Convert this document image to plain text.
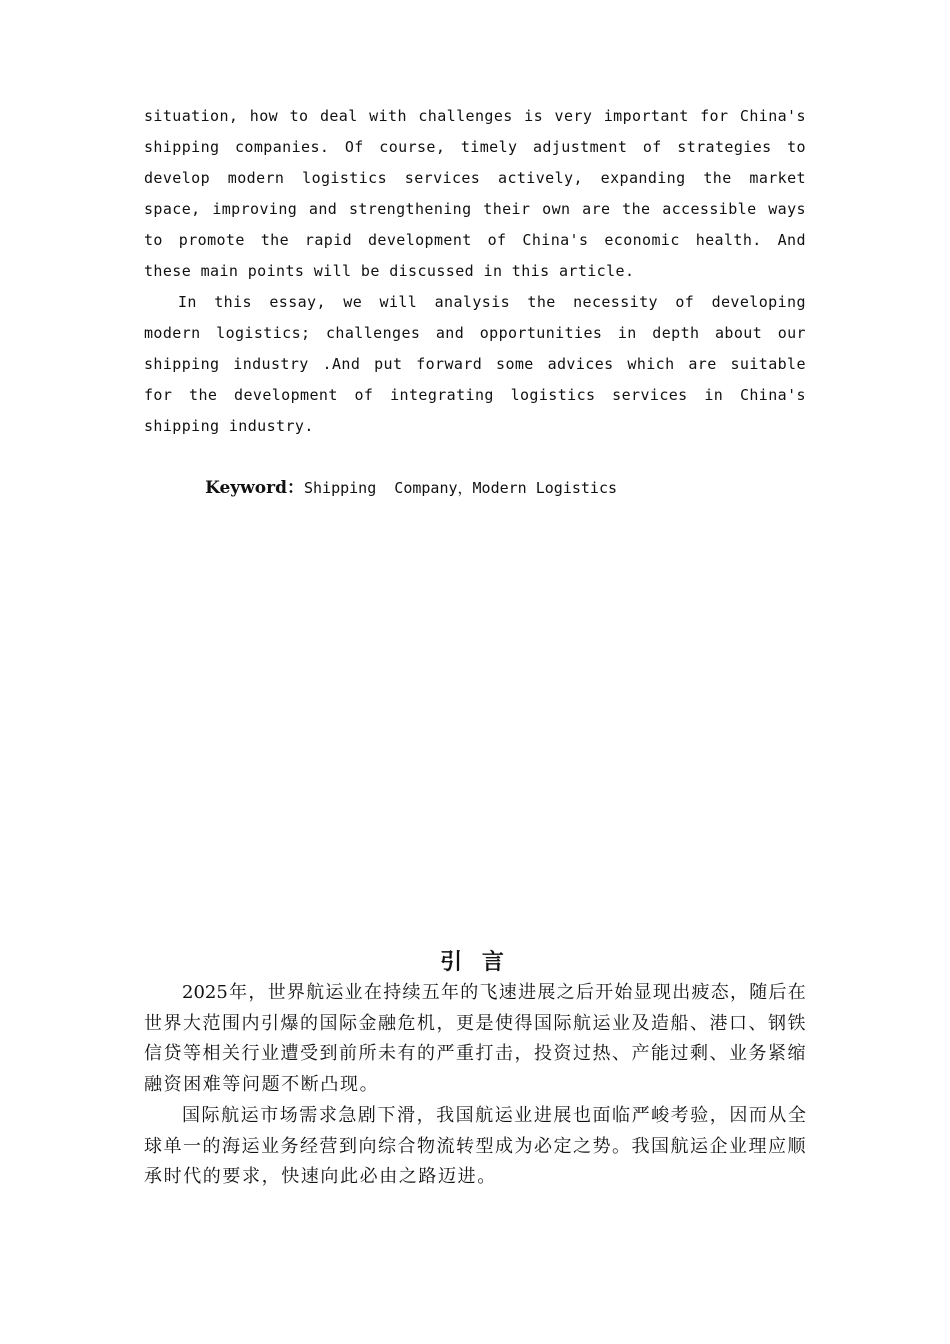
situation, how to deal with challenges is very important for China's
shipping companies. Of course, timely adjustment of strategies to
develop modern logistics services actively, expanding the market
space, improving and strengthening their own are the accessible ways
to promote the rapid development of China's economic health. And
these main points will be discussed in this article.
In this essay, we will analysis the necessity of developing
modern logistics; challenges and opportunities in depth about our
shipping industry .And put forward some advices which are suitable
for the development of integrating logistics services in China's
shipping industry.

Keyword：Shipping  Company，Modern Logistics

引 言
2025 年 ， 世 界 航 运 业 在 持 续 五 年 的 飞 速 进 展 之 后 开 始 显 现 出 疲 态 ， 随 后 在
世 界 大 范 围 内 引 爆 的 国 际 金 融 危 机 ， 更 是 使 得 国 际 航 运 业 及 造 船 、 港 口 、 钢 铁
信 贷 等 相 关 行 业 遭 受 到 前 所 未 有 的 严 重 打 击 ， 投 资 过 热 、 产 能 过 剩 、 业 务 紧 缩
融资困难等问题不断凸现。
国 际 航 运 市 场 需 求 急 剧 下 滑 ， 我 国 航 运 业 进 展 也 面 临 严 峻 考 验 ， 因 而 从 全
球 单 一 的 海 运 业 务 经 营 到 向 综 合 物 流 转 型 成 为 必 定 之 势 。 我 国 航 运 企 业 理 应 顺
承时代的要求，快速向此必由之路迈进。
